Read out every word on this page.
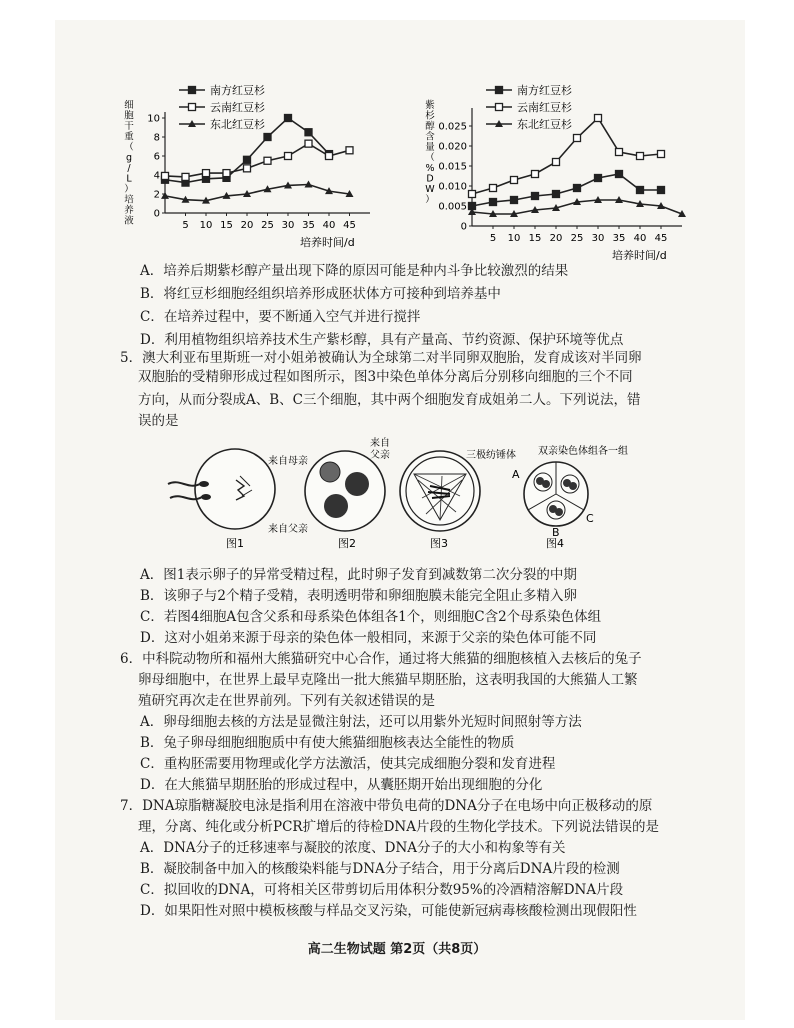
5 10 15 20 25 30 35 40 45
0
2
4
6
8
10
培养时间/d
细
胞
干
重
（
g
/
L
）
培
养
液
南方红豆杉
云南红豆杉
东北红豆杉
5 10 15 20 25 30 35 40 45
0
0.005
0.010
0.015
0.020
0.025
培养时间/d
紫
杉
醇
含
量
（
%
D
W
）
南方红豆杉
云南红豆杉
东北红豆杉
A．培养后期紫杉醇产量出现下降的原因可能是种内斗争比较激烈的结果
B．将红豆杉细胞经组织培养形成胚状体方可接种到培养基中
C．在培养过程中，要不断通入空气并进行搅拌
D．利用植物组织培养技术生产紫杉醇，具有产量高、节约资源、保护环境等优点
5．澳大利亚布里斯班一对小姐弟被确认为全球第二对半同卵双胞胎，发育成该对半同卵
双胞胎的受精卵形成过程如图所示，图3中染色单体分离后分别移向细胞的三个不同
方向，从而分裂成A、B、C三个细胞，其中两个细胞发育成姐弟二人。下列说法，错
误的是
图1
来自母亲
来自
父亲
来自父亲
图2
三极纺锤体
图3
双亲染色体组各一组
A
B
C
图4
A．图1表示卵子的异常受精过程，此时卵子发育到减数第二次分裂的中期
B．该卵子与2个精子受精，表明透明带和卵细胞膜未能完全阻止多精入卵
C．若图4细胞A包含父系和母系染色体组各1个，则细胞C含2个母系染色体组
D．这对小姐弟来源于母亲的染色体一般相同，来源于父亲的染色体可能不同
6．中科院动物所和福州大熊猫研究中心合作，通过将大熊猫的细胞核植入去核后的兔子
卵母细胞中，在世界上最早克隆出一批大熊猫早期胚胎，这表明我国的大熊猫人工繁
殖研究再次走在世界前列。下列有关叙述错误的是
A．卵母细胞去核的方法是显微注射法，还可以用紫外光短时间照射等方法
B．兔子卵母细胞细胞质中有使大熊猫细胞核表达全能性的物质
C．重构胚需要用物理或化学方法激活，使其完成细胞分裂和发育进程
D．在大熊猫早期胚胎的形成过程中，从囊胚期开始出现细胞的分化
7．DNA琼脂糖凝胶电泳是指利用在溶液中带负电荷的DNA分子在电场中向正极移动的原
理，分离、纯化或分析PCR扩增后的待检DNA片段的生物化学技术。下列说法错误的是
A．DNA分子的迁移速率与凝胶的浓度、DNA分子的大小和构象等有关
B．凝胶制备中加入的核酸染料能与DNA分子结合，用于分离后DNA片段的检测
C．拟回收的DNA，可将相关区带剪切后用体积分数95%的冷酒精溶解DNA片段
D．如果阳性对照中模板核酸与样品交叉污染，可能使新冠病毒核酸检测出现假阳性
高二生物试题 第2页（共8页）
